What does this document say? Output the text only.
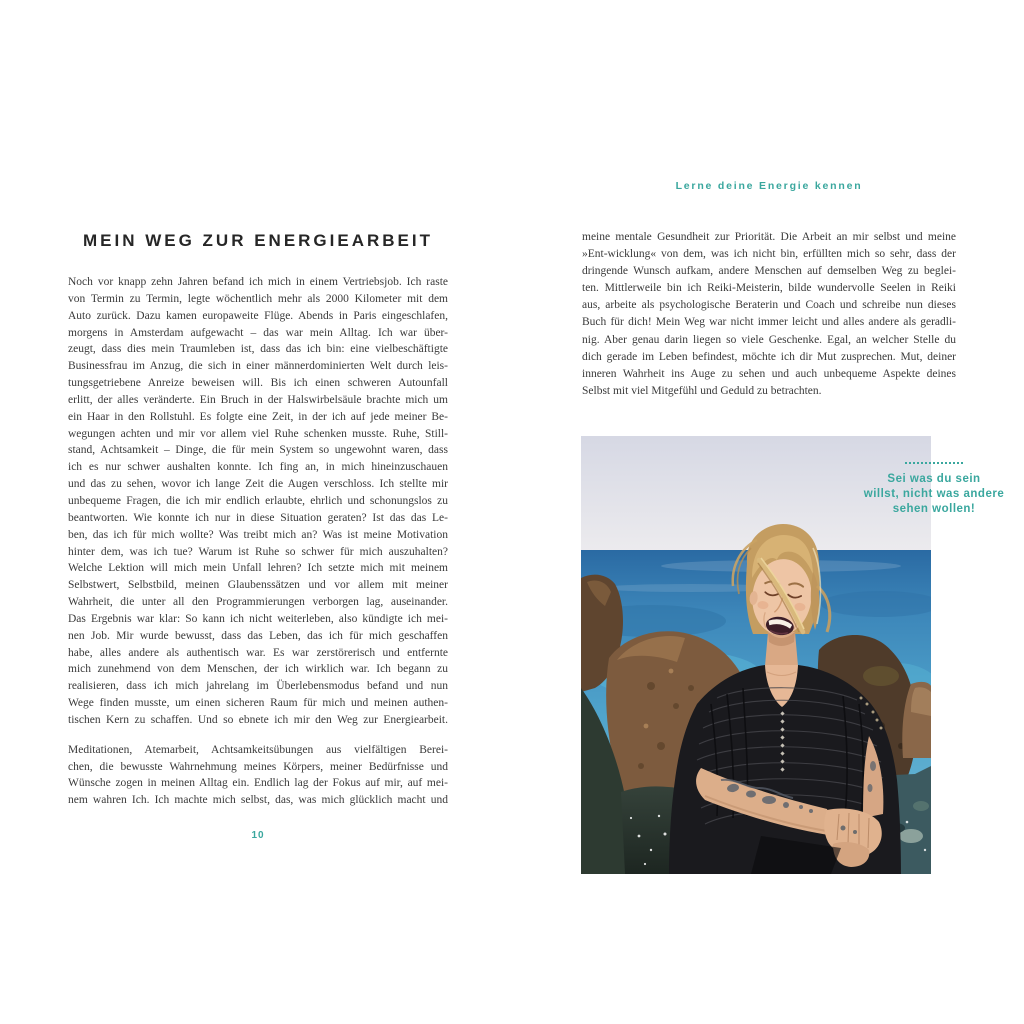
MEIN WEG ZUR ENERGIEARBEIT
Noch vor knapp zehn Jahren befand ich mich in einem Vertriebsjob. Ich raste
von Termin zu Termin, legte wöchentlich mehr als 2000 Kilometer mit dem
Auto zurück. Dazu kamen europaweite Flüge. Abends in Paris eingeschlafen,
morgens in Amsterdam aufgewacht – das war mein Alltag. Ich war über-
zeugt, dass dies mein Traumleben ist, dass das ich bin: eine vielbeschäftigte
Businessfrau im Anzug, die sich in einer männerdominierten Welt durch leis-
tungsgetriebene Anreize beweisen will. Bis ich einen schweren Autounfall
erlitt, der alles veränderte. Ein Bruch in der Halswirbelsäule brachte mich um
ein Haar in den Rollstuhl. Es folgte eine Zeit, in der ich auf jede meiner Be-
wegungen achten und mir vor allem viel Ruhe schenken musste. Ruhe, Still-
stand, Achtsamkeit – Dinge, die für mein System so ungewohnt waren, dass
ich es nur schwer aushalten konnte. Ich fing an, in mich hineinzuschauen
und das zu sehen, wovor ich lange Zeit die Augen verschloss. Ich stellte mir
unbequeme Fragen, die ich mir endlich erlaubte, ehrlich und schonungslos zu
beantworten. Wie konnte ich nur in diese Situation geraten? Ist das das Le-
ben, das ich für mich wollte? Was treibt mich an? Was ist meine Motivation
hinter dem, was ich tue? Warum ist Ruhe so schwer für mich auszuhalten?
Welche Lektion will mich mein Unfall lehren? Ich setzte mich mit meinem
Selbstwert, Selbstbild, meinen Glaubenssätzen und vor allem mit meiner
Wahrheit, die unter all den Programmierungen verborgen lag, auseinander.
Das Ergebnis war klar: So kann ich nicht weiterleben, also kündigte ich mei-
nen Job. Mir wurde bewusst, dass das Leben, das ich für mich geschaffen
habe, alles andere als authentisch war. Es war zerstörerisch und entfernte
mich zunehmend von dem Menschen, der ich wirklich war. Ich begann zu
realisieren, dass ich mich jahrelang im Überlebensmodus befand und nun
Wege finden musste, um einen sicheren Raum für mich und meinen authen-
tischen Kern zu schaffen. Und so ebnete ich mir den Weg zur Energiearbeit.
Meditationen, Atemarbeit, Achtsamkeitsübungen aus vielfältigen Berei-
chen, die bewusste Wahrnehmung meines Körpers, meiner Bedürfnisse und
Wünsche zogen in meinen Alltag ein. Endlich lag der Fokus auf mir, auf mei-
nem wahren Ich. Ich machte mich selbst, das, was mich glücklich macht und
10
Lerne deine Energie kennen
meine mentale Gesundheit zur Priorität. Die Arbeit an mir selbst und meine
»Ent-wicklung« von dem, was ich nicht bin, erfüllten mich so sehr, dass der
dringende Wunsch aufkam, andere Menschen auf demselben Weg zu beglei-
ten. Mittlerweile bin ich Reiki-Meisterin, bilde wundervolle Seelen in Reiki
aus, arbeite als psychologische Beraterin und Coach und schreibe nun dieses
Buch für dich! Mein Weg war nicht immer leicht und alles andere als geradli-
nig. Aber genau darin liegen so viele Geschenke. Egal, an welcher Stelle du
dich gerade im Leben befindest, möchte ich dir Mut zusprechen. Mut, deiner
inneren Wahrheit ins Auge zu sehen und auch unbequeme Aspekte deines
Selbst mit viel Mitgefühl und Geduld zu betrachten.
Sei was du sein
willst, nicht was andere
sehen wollen!
